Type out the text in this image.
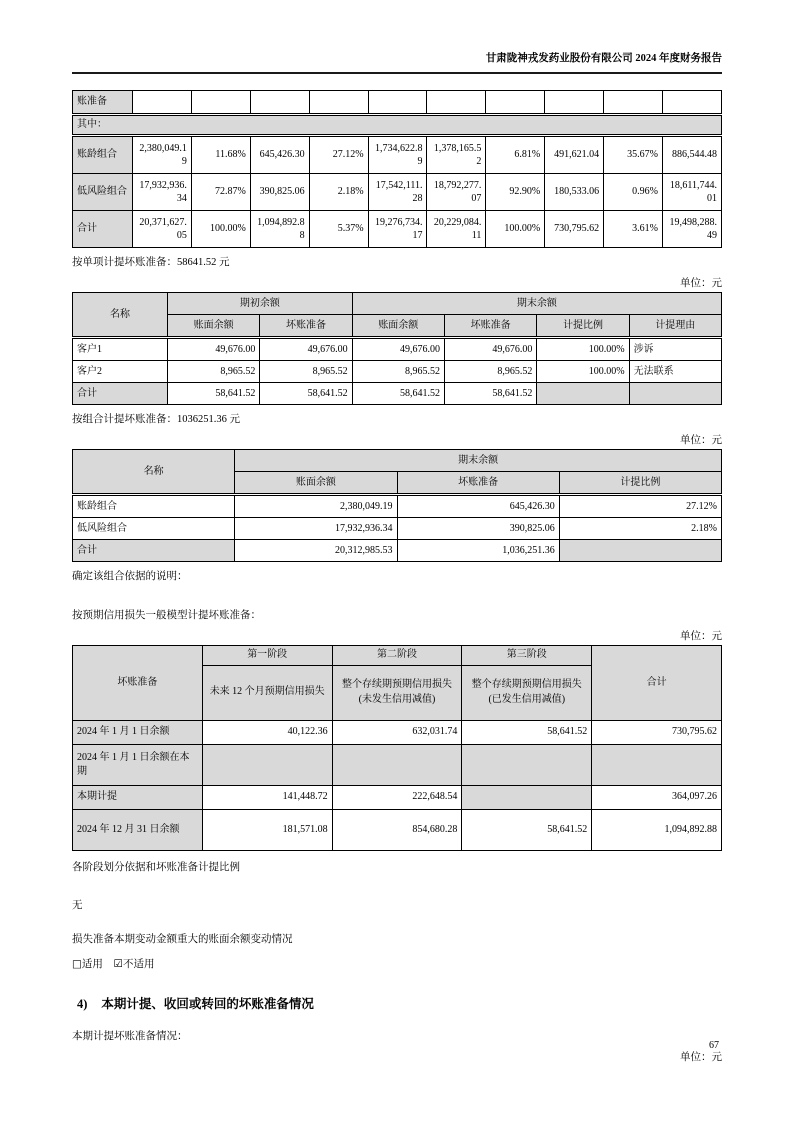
甘肃陇神戎发药业股份有限公司 2024 年度财务报告
账准备										
其中：										
账龄组合	2,380,049.19	11.68%	645,426.30	27.12%	1,734,622.89	1,378,165.52	6.81%	491,621.04	35.67%	886,544.48
低风险组合	17,932,936.34	72.87%	390,825.06	2.18%	17,542,111.28	18,792,277.07	92.90%	180,533.06	0.96%	18,611,744.01
合计	20,371,627.05	100.00%	1,094,892.88	5.37%	19,276,734.17	20,229,084.11	100.00%	730,795.62	3.61%	19,498,288.49
按单项计提坏账准备：58641.52 元
单位：元
名称	期初余额		期末余额			
	账面余额	坏账准备	账面余额	坏账准备	计提比例	计提理由
客户1	49,676.00	49,676.00	49,676.00	49,676.00	100.00%	涉诉
客户2	8,965.52	8,965.52	8,965.52	8,965.52	100.00%	无法联系
合计	58,641.52	58,641.52	58,641.52	58,641.52		
按组合计提坏账准备：1036251.36 元
单位：元
名称	期末余额		
	账面余额	坏账准备	计提比例
账龄组合	2,380,049.19	645,426.30	27.12%
低风险组合	17,932,936.34	390,825.06	2.18%
合计	20,312,985.53	1,036,251.36	
确定该组合依据的说明：
按预期信用损失一般模型计提坏账准备：
单位：元
坏账准备	第一阶段	第二阶段	第三阶段	合计
	未来 12 个月预期信用损失	整个存续期预期信用损失(未发生信用减值)	整个存续期预期信用损失(已发生信用减值)	
2024 年 1 月 1 日余额	40,122.36	632,031.74	58,641.52	730,795.62
2024 年 1 月 1 日余额在本期				
本期计提	141,448.72	222,648.54		364,097.26
2024 年 12 月 31 日余额	181,571.08	854,680.28	58,641.52	1,094,892.88
各阶段划分依据和坏账准备计提比例
无
损失准备本期变动金额重大的账面余额变动情况
□适用 ☑不适用
4) 本期计提、收回或转回的坏账准备情况
本期计提坏账准备情况：
单位：元
67
